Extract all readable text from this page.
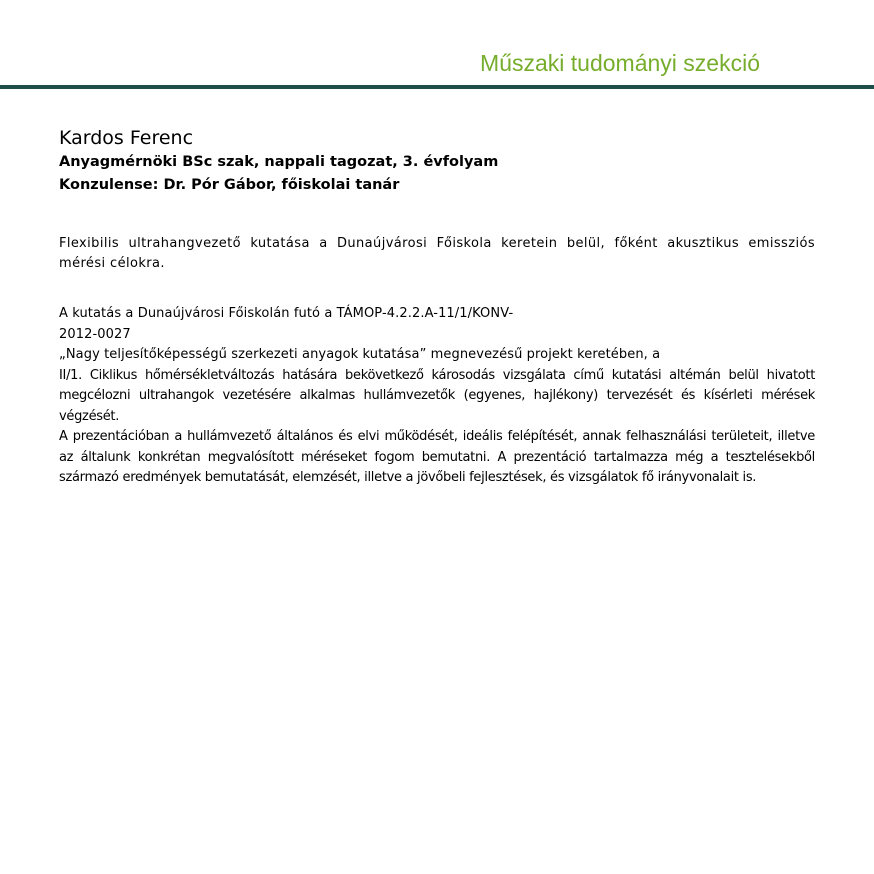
Műszaki tudományi szekció
Kardos Ferenc
Anyagmérnöki BSc szak, nappali tagozat, 3. évfolyam
Konzulense: Dr. Pór Gábor, főiskolai tanár
Flexibilis ultrahangvezető kutatása a Dunaújvárosi Főiskola keretein belül, főként akusztikus emissziós mérési célokra.
A kutatás a Dunaújvárosi Főiskolán futó a TÁMOP-4.2.2.A-11/1/KONV-
2012-0027
„Nagy teljesítőképességű szerkezeti anyagok kutatása” megnevezésű projekt keretében, a
II/1. Ciklikus hőmérsékletváltozás hatására bekövetkező károsodás vizsgálata című kutatási altémán belül hivatott megcélozni ultrahangok vezetésére alkalmas hullámvezetők (egyenes, hajlékony) tervezését és kísérleti mérések végzését.
A prezentációban a hullámvezető általános és elvi működését, ideális felépítését, annak felhasználási területeit, illetve az általunk konkrétan megvalósított méréseket fogom bemutatni. A prezentáció tartalmazza még a tesztelésekből származó eredmények bemutatását, elemzését, illetve a jövőbeli fejlesztések, és vizsgálatok fő irányvonalait is.
